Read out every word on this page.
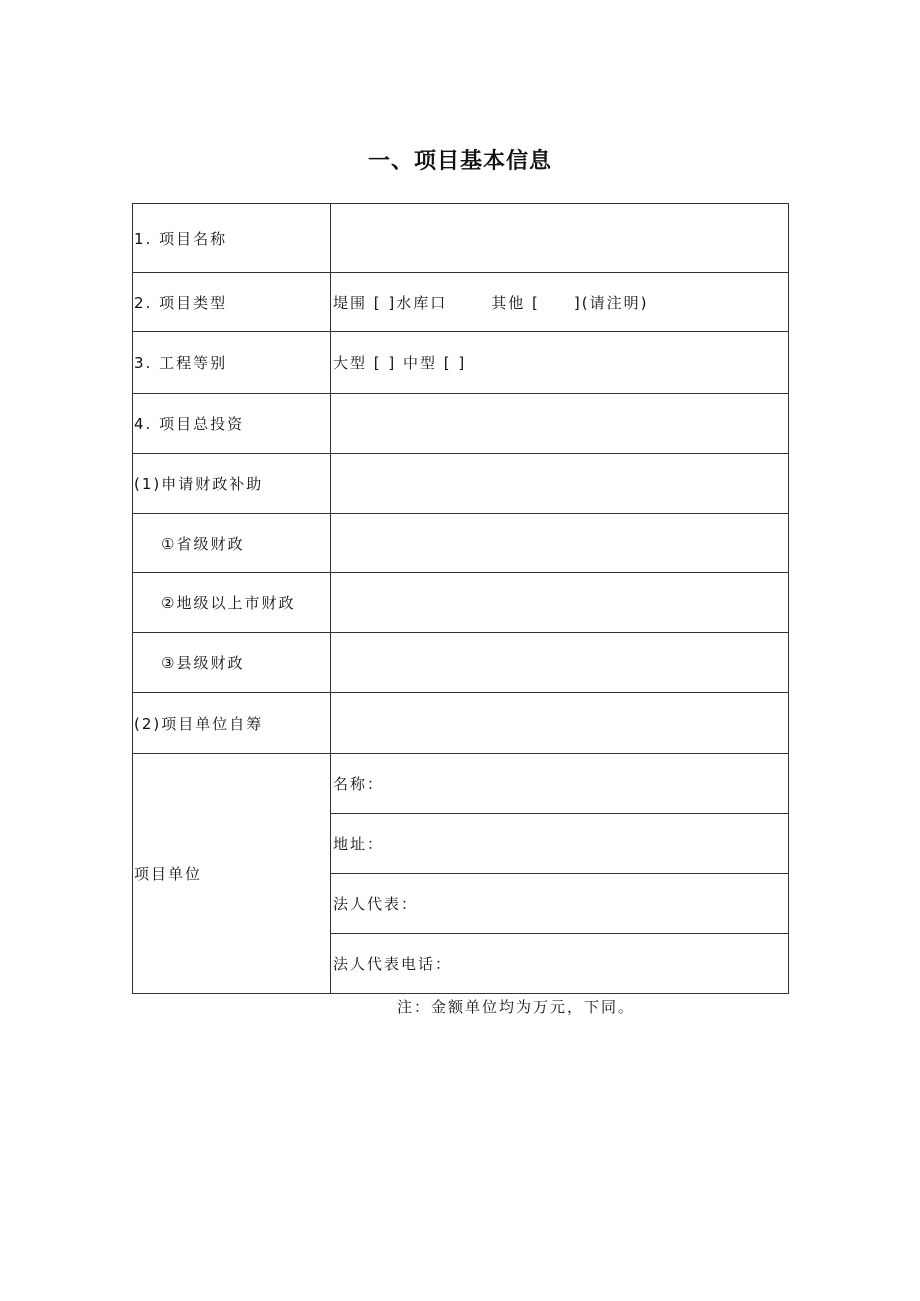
一、项目基本信息
1. 项目名称	
2. 项目类型	堤围 [ ]水库口 其他 [ ](请注明)
3. 工程等别	大型 [ ] 中型 [ ]
4. 项目总投资	
(1)申请财政补助	
①省级财政	
②地级以上市财政	
③县级财政	
(2)项目单位自筹	
项目单位	名称：
	地址：
	法人代表：
	法人代表电话：
注：金额单位均为万元，下同。
